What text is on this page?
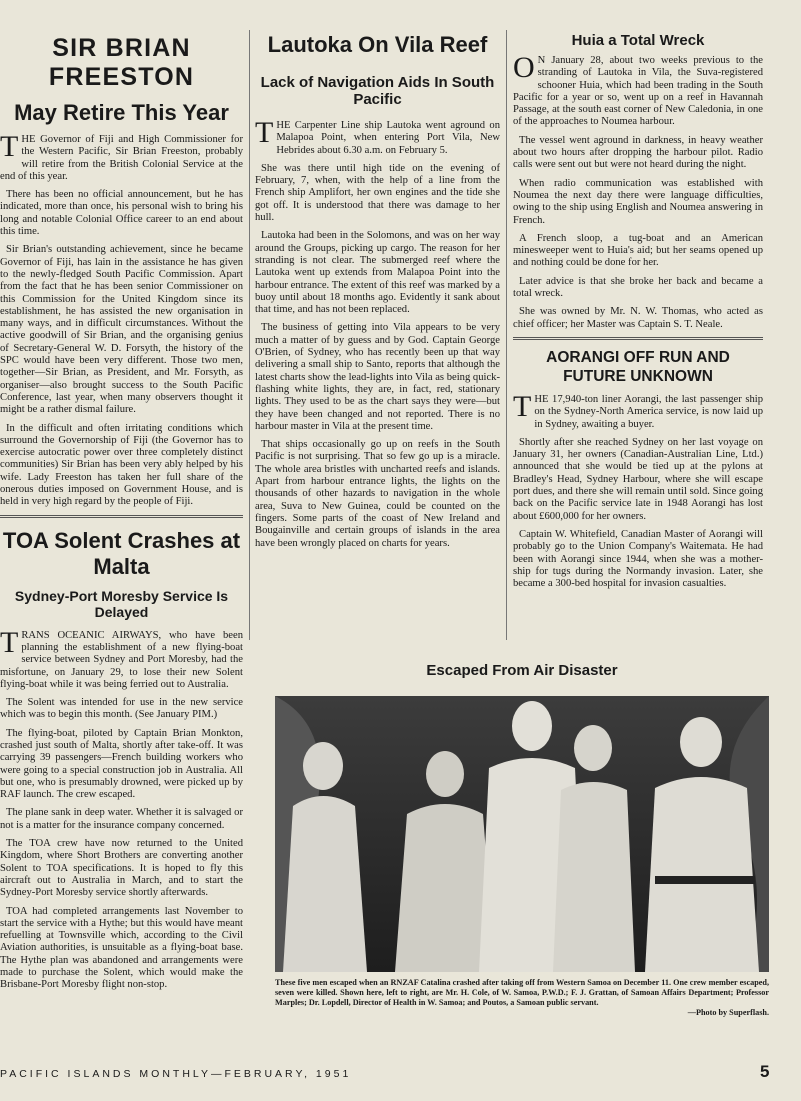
SIR BRIAN FREESTON
May Retire This Year

THE Governor of Fiji and High Commissioner for the Western Pacific, Sir Brian Freeston, probably will retire from the British Colonial Service at the end of this year.

There has been no official announcement, but he has indicated, more than once, his personal wish to bring his long and notable Colonial Office career to an end about this time.

Sir Brian's outstanding achievement, since he became Governor of Fiji, has lain in the assistance he has given to the newly-fledged South Pacific Commission. Apart from the fact that he has been senior Commissioner on this Commission for the United Kingdom since its establishment, he has assisted the new organisation in many ways, and in difficult circumstances. Without the active goodwill of Sir Brian, and the organising genius of Secretary-General W. D. Forsyth, the history of the SPC would have been very different. Those two men, together—Sir Brian, as President, and Mr. Forsyth, as organiser—also brought success to the South Pacific Conference, last year, when many observers thought it might be a rather dismal failure.

In the difficult and often irritating conditions which surround the Governorship of Fiji (the Governor has to exercise autocratic power over three completely distinct communities) Sir Brian has been very ably helped by his wife. Lady Freeston has taken her full share of the onerous duties imposed on Government House, and is held in very high regard by the people of Fiji.

TOA Solent Crashes at Malta
Sydney-Port Moresby Service Is Delayed

TRANS OCEANIC AIRWAYS, who have been planning the establishment of a new flying-boat service between Sydney and Port Moresby, had the misfortune, on January 29, to lose their new Solent flying-boat while it was being ferried out to Australia.

The Solent was intended for use in the new service which was to begin this month. (See January PIM.)

The flying-boat, piloted by Captain Brian Monkton, crashed just south of Malta, shortly after take-off. It was carrying 39 passengers—French building workers who were going to a special construction job in Australia. All but one, who is presumably drowned, were picked up by RAF launch. The crew escaped.

The plane sank in deep water. Whether it is salvaged or not is a matter for the insurance company concerned.

The TOA crew have now returned to the United Kingdom, where Short Brothers are converting another Solent to TOA specifications. It is hoped to fly this aircraft out to Australia in March, and to start the Sydney-Port Moresby service shortly afterwards.

TOA had completed arrangements last November to start the service with a Hythe; but this would have meant refuelling at Townsville which, according to the Civil Aviation authorities, is unsuitable as a flying-boat base. The Hythe plan was abandoned and arrangements were made to purchase the Solent, which would make the Brisbane-Port Moresby flight non-stop.

Lautoka On Vila Reef
Lack of Navigation Aids In South Pacific

THE Carpenter Line ship Lautoka went aground on Malapoa Point, when entering Port Vila, New Hebrides about 6.30 a.m. on February 5.

She was there until high tide on the evening of February, 7, when, with the help of a line from the French ship Amplifort, her own engines and the tide she got off. It is understood that there was damage to her hull.

Lautoka had been in the Solomons, and was on her way around the Groups, picking up cargo. The reason for her stranding is not clear. The submerged reef where the Lautoka went up extends from Malapoa Point into the harbour entrance. The extent of this reef was marked by a buoy until about 18 months ago. Evidently it sank about that time, and has not been replaced.

The business of getting into Vila appears to be very much a matter of by guess and by God. Captain George O'Brien, of Sydney, who has recently been up that way delivering a small ship to Santo, reports that although the latest charts show the lead-lights into Vila as being quick-flashing white lights, they are, in fact, red, stationary lights. They used to be as the chart says they were—but they have been changed and not reported. There is no harbour master in Vila at the present time.

That ships occasionally go up on reefs in the South Pacific is not surprising. That so few go up is a miracle. The whole area bristles with uncharted reefs and islands. Apart from harbour entrance lights, the lights on the thousands of other hazards to navigation in the whole area, Suva to New Guinea, could be counted on the fingers. Some parts of the coast of New Ireland and Bougainville and certain groups of islands in the area have been wrongly placed on charts for years.

Huia a Total Wreck

O N January 28, about two weeks previous to the stranding of Lautoka in Vila, the Suva-registered schooner Huia, which had been trading in the South Pacific for a year or so, went up on a reef in Havannah Passage, at the south east corner of New Caledonia, in one of the approaches to Noumea harbour.

The vessel went aground in darkness, in heavy weather about two hours after dropping the harbour pilot. Radio calls were sent out but were not heard during the night.

When radio communication was established with Noumea the next day there were language difficulties, owing to the ship using English and Noumea answering in French.

A French sloop, a tug-boat and an American minesweeper went to Huia's aid; but her seams opened up and nothing could be done for her.

Later advice is that she broke her back and became a total wreck.

She was owned by Mr. N. W. Thomas, who acted as chief officer; her Master was Captain S. T. Neale.

AORANGI OFF RUN AND FUTURE UNKNOWN

THE 17,940-ton liner Aorangi, the last passenger ship on the Sydney-North America service, is now laid up in Sydney, awaiting a buyer.

Shortly after she reached Sydney on her last voyage on January 31, her owners (Canadian-Australian Line, Ltd.) announced that she would be tied up at the pylons at Bradley's Head, Sydney Harbour, where she will escape port dues, and there she will remain until sold. Since going back on the Pacific service late in 1948 Aorangi has lost about £600,000 for her owners.

Captain W. Whitefield, Canadian Master of Aorangi will probably go to the Union Company's Waitemata. He had been with Aorangi since 1944, when she was a mother-ship for tugs during the Normandy invasion. Later, she became a 300-bed hospital for invasion casualties.

Escaped From Air Disaster
These five men escaped when an RNZAF Catalina crashed after taking off from Western Samoa on December 11. One crew member escaped, seven were killed. Shown here, left to right, are Mr. H. Cole, of W. Samoa, P.W.D.; F. J. Grattan, of Samoan Affairs Department; Professor Marples; Dr. Lopdell, Director of Health in W. Samoa; and Poutos, a Samoan public servant.
—Photo by Superflash.
PACIFIC ISLANDS MONTHLY—FEBRUARY, 1951	5
